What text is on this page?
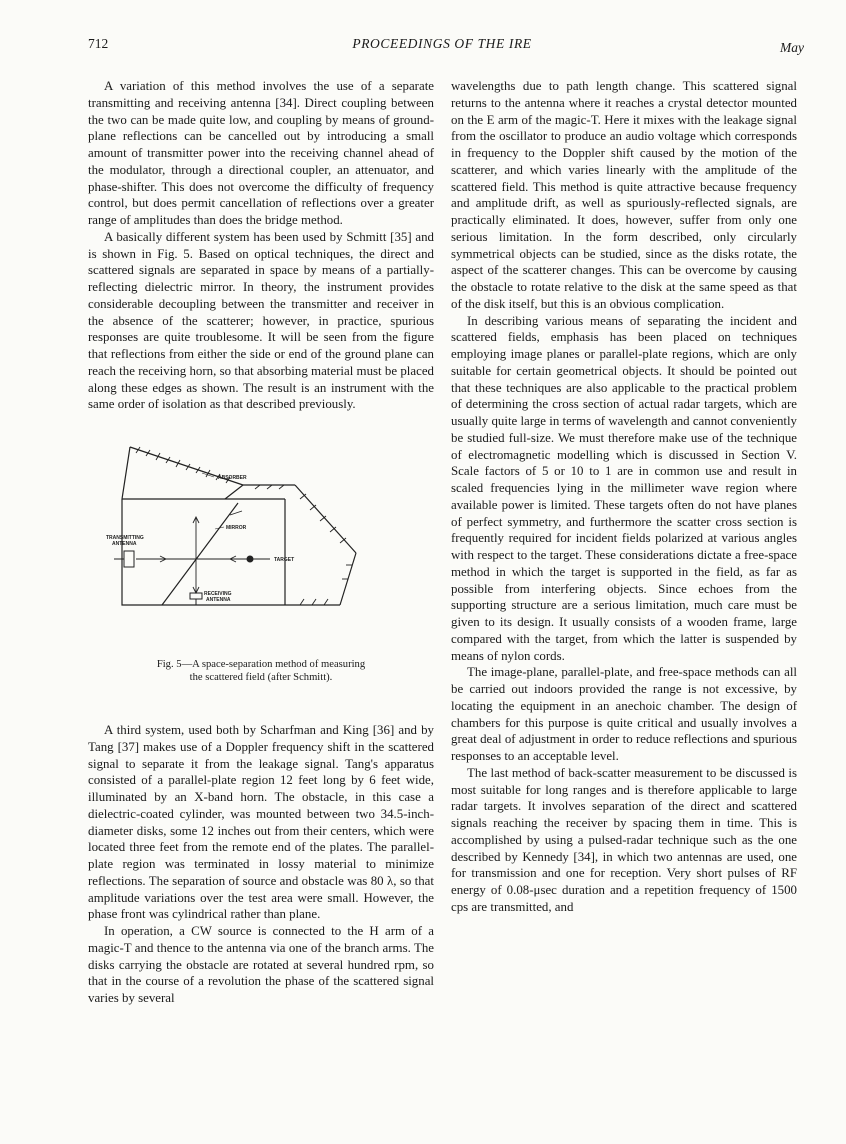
712	PROCEEDINGS OF THE IRE	May

A variation of this method involves the use of a separate transmitting and receiving antenna [34]. Direct coupling between the two can be made quite low, and coupling by means of ground-plane reflections can be cancelled out by introducing a small amount of transmitter power into the receiving channel ahead of the modulator, through a directional coupler, an attenuator, and phase-shifter. This does not overcome the difficulty of frequency control, but does permit cancellation of reflections over a greater range of amplitudes than does the bridge method.

A basically different system has been used by Schmitt [35] and is shown in Fig. 5. Based on optical techniques, the direct and scattered signals are separated in space by means of a partially-reflecting dielectric mirror. In theory, the instrument provides considerable decoupling between the transmitter and receiver in the absence of the scatterer; however, in practice, spurious responses are quite troublesome. It will be seen from the figure that reflections from either the side or end of the ground plane can reach the receiving horn, so that absorbing material must be placed along these edges as shown. The result is an instrument with the same order of isolation as that described previously.

ABSORBER
MIRROR
TRANSMITTING
ANTENNA
TARGET
RECEIVING
ANTENNA
Fig. 5—A space-separation method of measuring
the scattered field (after Schmitt).

A third system, used both by Scharfman and King [36] and by Tang [37] makes use of a Doppler frequency shift in the scattered signal to separate it from the leakage signal. Tang's apparatus consisted of a parallel-plate region 12 feet long by 6 feet wide, illuminated by an X-band horn. The obstacle, in this case a dielectric-coated cylinder, was mounted between two 34.5-inch-diameter disks, some 12 inches out from their centers, which were located three feet from the remote end of the plates. The parallel-plate region was terminated in lossy material to minimize reflections. The separation of source and obstacle was 80 λ, so that amplitude variations over the test area were small. However, the phase front was cylindrical rather than plane.

In operation, a CW source is connected to the H arm of a magic-T and thence to the antenna via one of the branch arms. The disks carrying the obstacle are rotated at several hundred rpm, so that in the course of a revolution the phase of the scattered signal varies by several

wavelengths due to path length change. This scattered signal returns to the antenna where it reaches a crystal detector mounted on the E arm of the magic-T. Here it mixes with the leakage signal from the oscillator to produce an audio voltage which corresponds in frequency to the Doppler shift caused by the motion of the scatterer, and which varies linearly with the amplitude of the scattered field. This method is quite attractive because frequency and amplitude drift, as well as spuriously-reflected signals, are practically eliminated. It does, however, suffer from only one serious limitation. In the form described, only circularly symmetrical objects can be studied, since as the disks rotate, the aspect of the scatterer changes. This can be overcome by causing the obstacle to rotate relative to the disk at the same speed as that of the disk itself, but this is an obvious complication.

In describing various means of separating the incident and scattered fields, emphasis has been placed on techniques employing image planes or parallel-plate regions, which are only suitable for certain geometrical objects. It should be pointed out that these techniques are also applicable to the practical problem of determining the cross section of actual radar targets, which are usually quite large in terms of wavelength and cannot conveniently be studied full-size. We must therefore make use of the technique of electromagnetic modelling which is discussed in Section V. Scale factors of 5 or 10 to 1 are in common use and result in scaled frequencies lying in the millimeter wave region where available power is limited. These targets often do not have planes of perfect symmetry, and furthermore the scatter cross section is frequently required for incident fields polarized at various angles with respect to the target. These considerations dictate a free-space method in which the target is supported in the field, as far as possible from interfering objects. Since echoes from the supporting structure are a serious limitation, much care must be given to its design. It usually consists of a wooden frame, large compared with the target, from which the latter is suspended by means of nylon cords.

The image-plane, parallel-plate, and free-space methods can all be carried out indoors provided the range is not excessive, by locating the equipment in an anechoic chamber. The design of chambers for this purpose is quite critical and usually involves a great deal of adjustment in order to reduce reflections and spurious responses to an acceptable level.

The last method of back-scatter measurement to be discussed is most suitable for long ranges and is therefore applicable to large radar targets. It involves separation of the direct and scattered signals reaching the receiver by spacing them in time. This is accomplished by using a pulsed-radar technique such as the one described by Kennedy [34], in which two antennas are used, one for transmission and one for reception. Very short pulses of RF energy of 0.08-μsec duration and a repetition frequency of 1500 cps are transmitted, and
